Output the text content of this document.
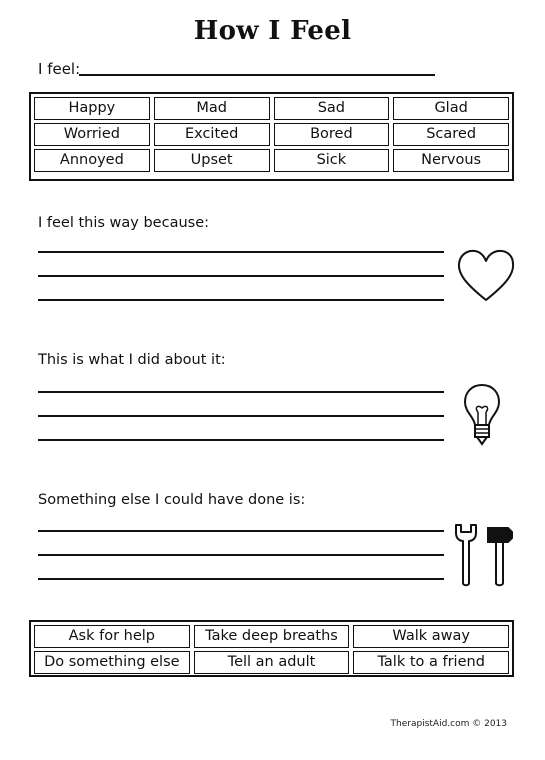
How I Feel
I feel:
Happy	Mad	Sad	Glad
Worried	Excited	Bored	Scared
Annoyed	Upset	Sick	Nervous
I feel this way because:
This is what I did about it:
Something else I could have done is:
Ask for help	Take deep breaths	Walk away
Do something else	Tell an adult	Talk to a friend
TherapistAid.com © 2013
